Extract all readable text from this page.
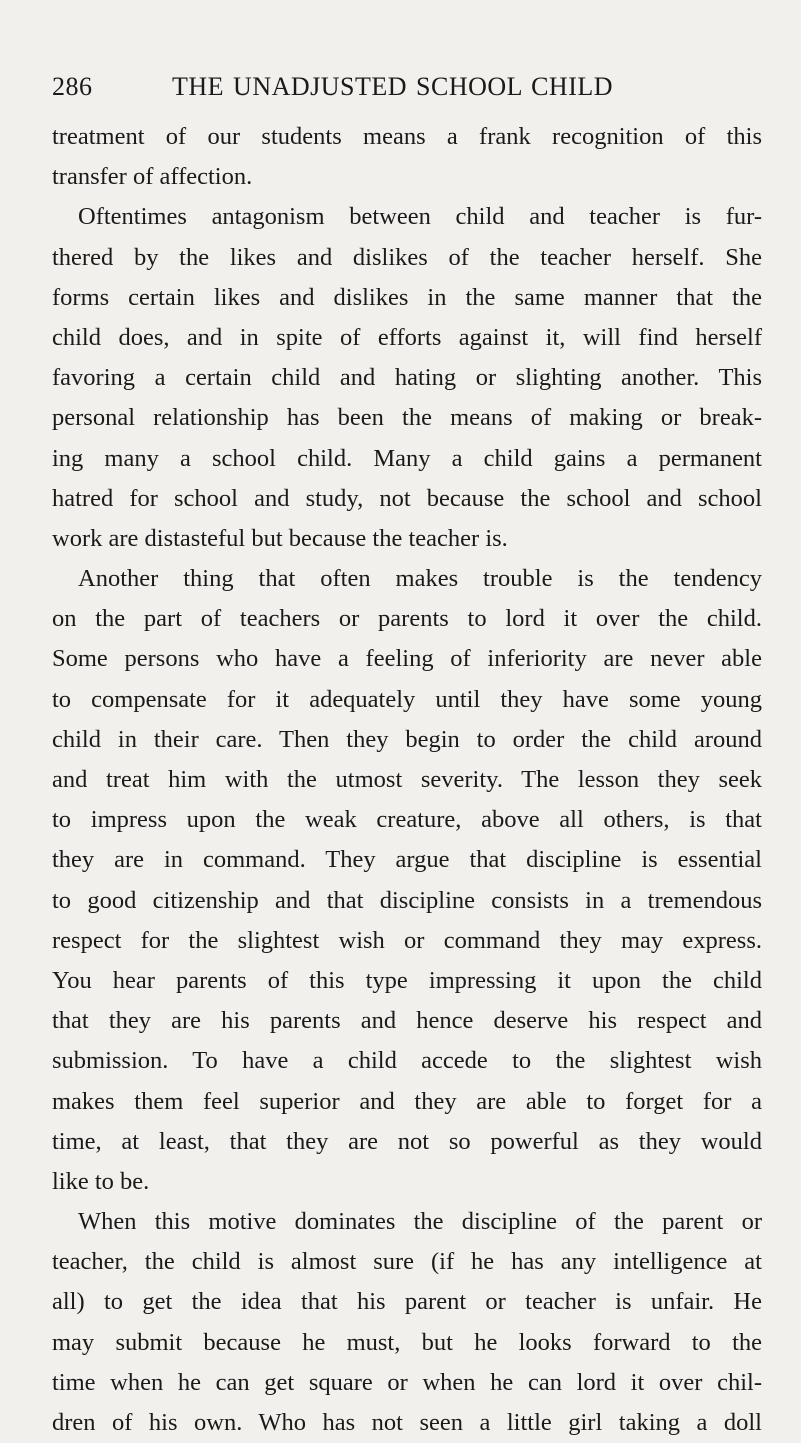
286	THE UNADJUSTED SCHOOL CHILD
treatment of our students means a frank recognition of this
transfer of affection.
Oftentimes antagonism between child and teacher is fur-
thered by the likes and dislikes of the teacher herself. She
forms certain likes and dislikes in the same manner that the
child does, and in spite of efforts against it, will find herself
favoring a certain child and hating or slighting another. This
personal relationship has been the means of making or break-
ing many a school child. Many a child gains a permanent
hatred for school and study, not because the school and school
work are distasteful but because the teacher is.
Another thing that often makes trouble is the tendency
on the part of teachers or parents to lord it over the child.
Some persons who have a feeling of inferiority are never able
to compensate for it adequately until they have some young
child in their care. Then they begin to order the child around
and treat him with the utmost severity. The lesson they seek
to impress upon the weak creature, above all others, is that
they are in command. They argue that discipline is essential
to good citizenship and that discipline consists in a tremendous
respect for the slightest wish or command they may express.
You hear parents of this type impressing it upon the child
that they are his parents and hence deserve his respect and
submission. To have a child accede to the slightest wish
makes them feel superior and they are able to forget for a
time, at least, that they are not so powerful as they would
like to be.
When this motive dominates the discipline of the parent or
teacher, the child is almost sure (if he has any intelligence at
all) to get the idea that his parent or teacher is unfair. He
may submit because he must, but he looks forward to the
time when he can get square or when he can lord it over chil-
dren of his own. Who has not seen a little girl taking a doll
